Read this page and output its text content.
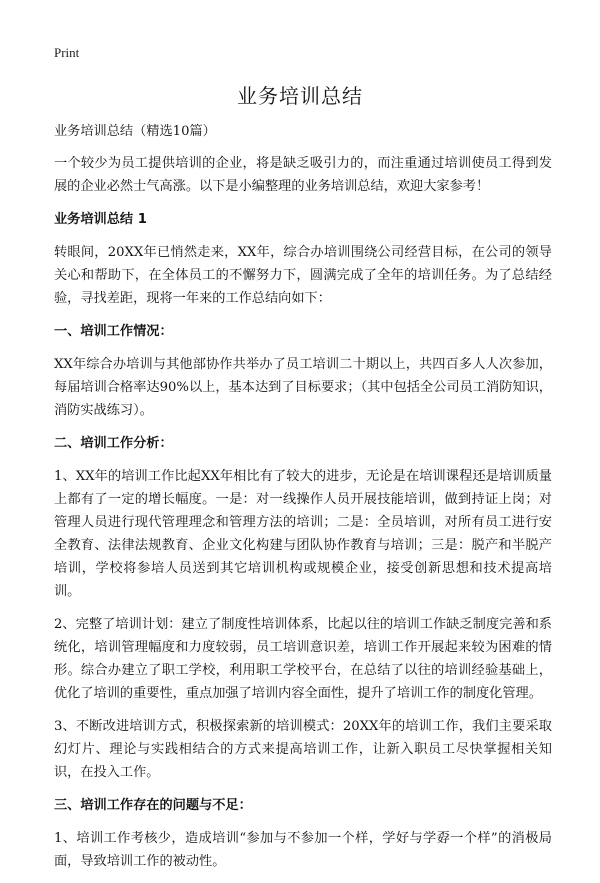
Print
业务培训总结

业务培训总结（精选10篇）

一个较少为员工提供培训的企业，将是缺乏吸引力的，而注重通过培训使员工得到发展的企业必然士气高涨。以下是小编整理的业务培训总结，欢迎大家参考！

业务培训总结 1

转眼间，20XX年已悄然走来，XX年，综合办培训围绕公司经营目标，在公司的领导关心和帮助下，在全体员工的不懈努力下，圆满完成了全年的培训任务。为了总结经验，寻找差距，现将一年来的工作总结向如下：

一、培训工作情况：

XX年综合办培训与其他部协作共举办了员工培训二十期以上，共四百多人人次参加，每届培训合格率达90%以上，基本达到了目标要求；（其中包括全公司员工消防知识，消防实战练习）。

二、培训工作分析：

1、XX年的培训工作比起XX年相比有了较大的进步，无论是在培训课程还是培训质量上都有了一定的增长幅度。一是：对一线操作人员开展技能培训，做到持证上岗；对管理人员进行现代管理理念和管理方法的培训；二是：全员培训，对所有员工进行安全教育、法律法规教育、企业文化构建与团队协作教育与培训；三是：脱产和半脱产培训，学校将参培人员送到其它培训机构或规模企业，接受创新思想和技术提高培训。

2、完整了培训计划：建立了制度性培训体系，比起以往的培训工作缺乏制度完善和系统化，培训管理幅度和力度较弱，员工培训意识差，培训工作开展起来较为困难的情形。综合办建立了职工学校，利用职工学校平台，在总结了以往的培训经验基础上，优化了培训的重要性，重点加强了培训内容全面性，提升了培训工作的制度化管理。

3、不断改进培训方式，积极探索新的培训模式：20XX年的培训工作，我们主要采取幻灯片、理论与实践相结合的方式来提高培训工作，让新入职员工尽快掌握相关知识，在投入工作。

三、培训工作存在的问题与不足：

1、培训工作考核少，造成培训“参加与不参加一个样，学好与学孬一个样”的消极局面，导致培训工作的被动性。
